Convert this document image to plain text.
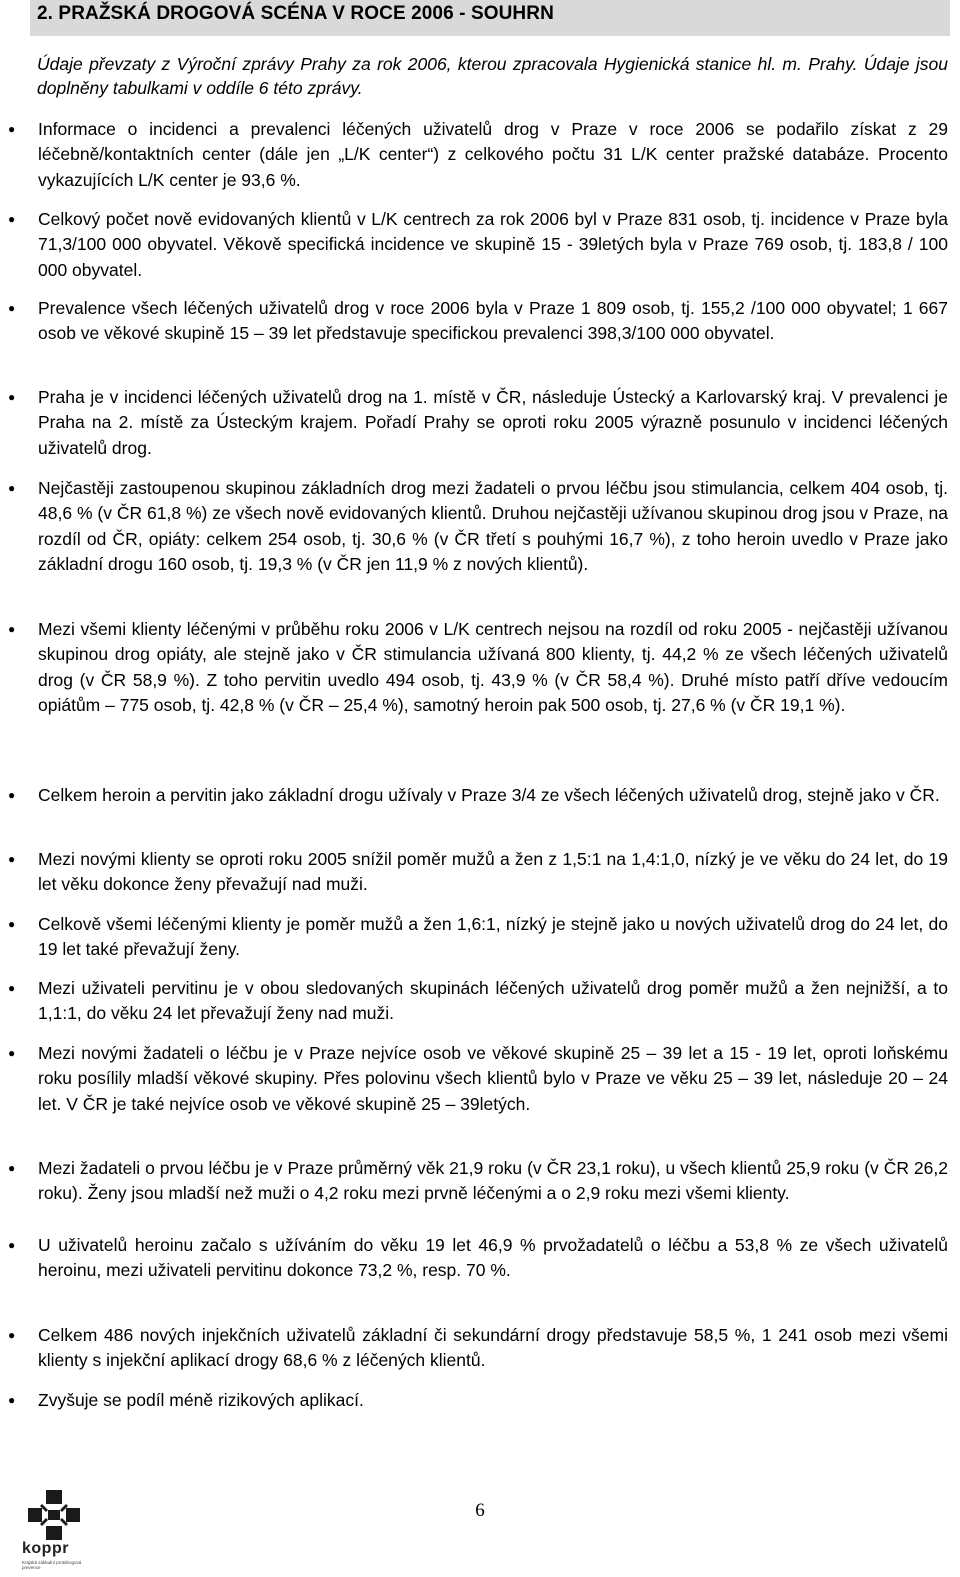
2. PRAŽSKÁ DROGOVÁ SCÉNA V ROCE 2006 - SOUHRN
Údaje převzaty z Výroční zprávy Prahy za rok 2006, kterou zpracovala Hygienická stanice hl. m. Prahy. Údaje jsou doplněny tabulkami v oddíle 6 této zprávy.
● Informace o incidenci a prevalenci léčených uživatelů drog v Praze v roce 2006 se podařilo získat z 29 léčebně/kontaktních center (dále jen „L/K center“) z celkového počtu 31 L/K center pražské databáze. Procento vykazujících L/K center je 93,6 %.
● Celkový počet nově evidovaných klientů v L/K centrech za rok 2006 byl v Praze 831 osob, tj. incidence v Praze byla 71,3/100 000 obyvatel. Věkově specifická incidence ve skupině 15 - 39letých byla v Praze 769 osob, tj. 183,8 / 100 000 obyvatel.
● Prevalence všech léčených uživatelů drog v roce 2006 byla v Praze 1 809 osob, tj. 155,2 /100 000 obyvatel; 1 667 osob ve věkové skupině 15 – 39 let představuje specifickou prevalenci 398,3/100 000 obyvatel.
● Praha je v incidenci léčených uživatelů drog na 1. místě v ČR, následuje Ústecký a Karlovarský kraj. V prevalenci je Praha na 2. místě za Ústeckým krajem. Pořadí Prahy se oproti roku 2005 výrazně posunulo v incidenci léčených uživatelů drog.
● Nejčastěji zastoupenou skupinou základních drog mezi žadateli o prvou léčbu jsou stimulancia, celkem 404 osob, tj. 48,6 % (v ČR 61,8 %) ze všech nově evidovaných klientů. Druhou nejčastěji užívanou skupinou drog jsou v Praze, na rozdíl od ČR, opiáty: celkem 254 osob, tj. 30,6 % (v ČR třetí s pouhými 16,7 %), z toho heroin uvedlo v Praze jako základní drogu 160 osob, tj. 19,3 % (v ČR jen 11,9 % z nových klientů).
● Mezi všemi klienty léčenými v průběhu roku 2006 v L/K centrech nejsou na rozdíl od roku 2005 - nejčastěji užívanou skupinou drog opiáty, ale stejně jako v ČR stimulancia užívaná 800 klienty, tj. 44,2 % ze všech léčených uživatelů drog (v ČR 58,9 %). Z toho pervitin uvedlo 494 osob, tj. 43,9 % (v ČR 58,4 %). Druhé místo patří dříve vedoucím opiátům – 775 osob, tj. 42,8 % (v ČR – 25,4 %), samotný heroin pak 500 osob, tj. 27,6 % (v ČR 19,1 %).
● Celkem heroin a pervitin jako základní drogu užívaly v Praze 3/4 ze všech léčených uživatelů drog, stejně jako v ČR.
● Mezi novými klienty se oproti roku 2005 snížil poměr mužů a žen z 1,5:1 na 1,4:1,0, nízký je ve věku do 24 let, do 19 let věku dokonce ženy převažují nad muži.
● Celkově všemi léčenými klienty je poměr mužů a žen 1,6:1, nízký je stejně jako u nových uživatelů drog do 24 let, do 19 let také převažují ženy.
● Mezi uživateli pervitinu je v obou sledovaných skupinách léčených uživatelů drog poměr mužů a žen nejnižší, a to 1,1:1, do věku 24 let převažují ženy nad muži.
● Mezi novými žadateli o léčbu je v Praze nejvíce osob ve věkové skupině 25 – 39 let a 15 - 19 let, oproti loňskému roku posílily mladší věkové skupiny. Přes polovinu všech klientů bylo v Praze ve věku 25 – 39 let, následuje 20 – 24 let. V ČR je také nejvíce osob ve věkové skupině 25 – 39letých.
● Mezi žadateli o prvou léčbu je v Praze průměrný věk 21,9 roku (v ČR 23,1 roku), u všech klientů 25,9 roku (v ČR 26,2 roku). Ženy jsou mladší než muži o 4,2 roku mezi prvně léčenými a o 2,9 roku mezi všemi klienty.
● U uživatelů heroinu začalo s užíváním do věku 19 let 46,9 % prvožadatelů o léčbu a 53,8 % ze všech uživatelů heroinu, mezi uživateli pervitinu dokonce 73,2 %, resp. 70 %.
● Celkem 486 nových injekčních uživatelů základní či sekundární drogy představuje 58,5 %, 1 241 osob mezi všemi klienty s injekční aplikací drogy 68,6 % z léčených klientů.
● Zvyšuje se podíl méně rizikových aplikací.
koppr
Krajská základní protidrogová prevence
6
